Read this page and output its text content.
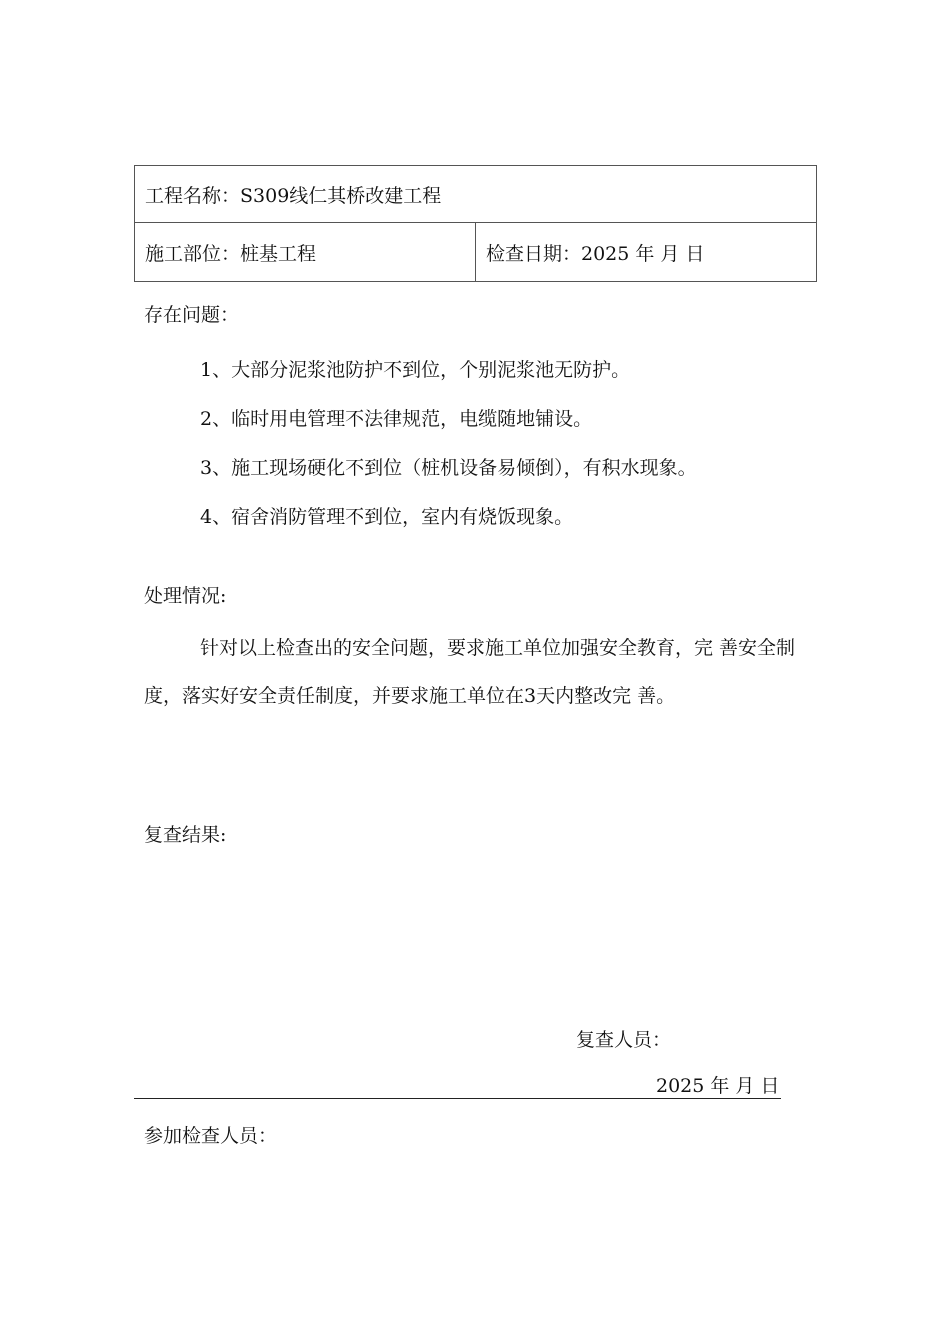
工程名称：S309线仁其桥改建工程
施工部位：桩基工程	检查日期：2025 年 月 日
存在问题：
1、大部分泥浆池防护不到位，个别泥浆池无防护。
2、临时用电管理不法律规范，电缆随地铺设。
3、施工现场硬化不到位（桩机设备易倾倒），有积水现象。
4、宿舍消防管理不到位，室内有烧饭现象。
处理情况:

针对以上检查出的安全问题，要求施工单位加强安全教育，完 善安全制度，落实好安全责任制度，并要求施工单位在3天内整改完 善。

复查结果:
复查人员：
2025 年 月 日
参加检查人员：
